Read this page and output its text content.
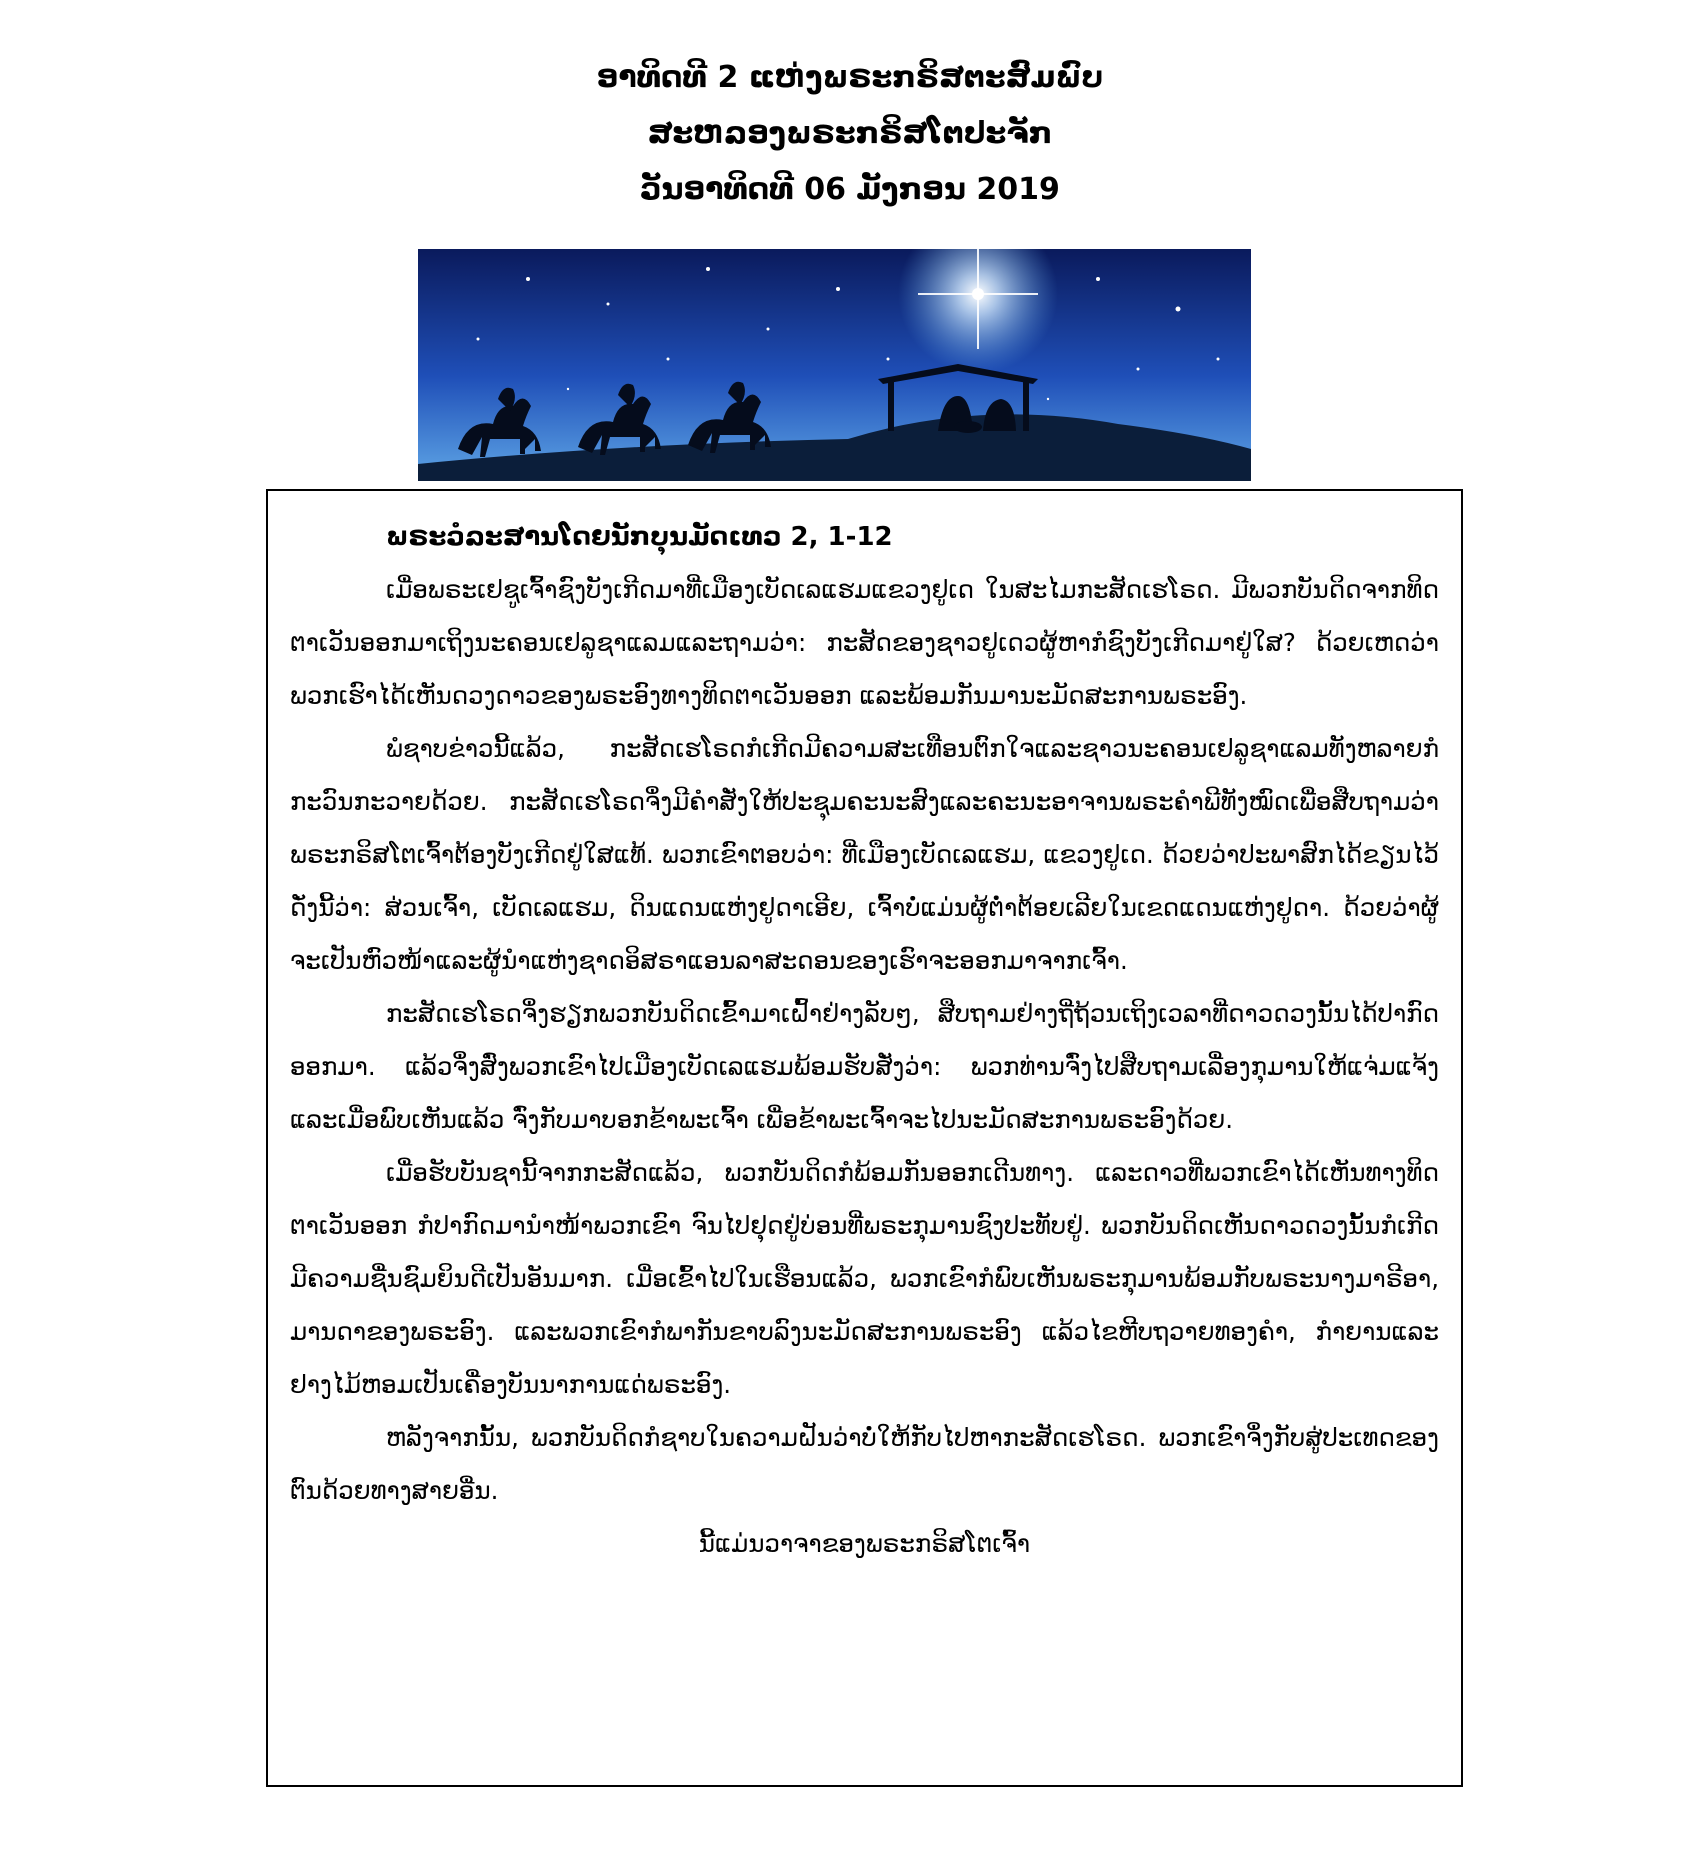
ອາທິດທີ 2 ແຫ່ງພຣະກຣິສຕະສົມພົບ
ສະຫລອງພຣະກຣິສໂຕປະຈັກ
ວັນອາທິດທີ 06 ມັງກອນ 2019
ພຣະວໍລະສານໂດຍນັກບຸນມັດເທວ 2, 1-12

ເມື່ອພຣະເຢຊູເຈົ້າຊົງບັງເກີດມາທີ່ເມືອງເບັດເລແຮມແຂວງຢູເດ ໃນສະໄມກະສັດເຮໂຣດ. ມີພວກບັນດິດຈາກທິດຕາເວັນອອກມາເຖິງນະຄອນເຢລູຊາແລມແລະຖາມວ່າ: ກະສັດຂອງຊາວຢູເດວຜູ້ຫາກໍຊົງບັງເກີດມາຢູ່ໃສ? ດ້ວຍເຫດວ່າພວກເຮົາໄດ້ເຫັນດວງດາວຂອງພຣະອົງທາງທິດຕາເວັນອອກ ແລະພ້ອມກັນມານະມັດສະການພຣະອົງ.

ພໍຊາບຂ່າວນີ້ແລ້ວ, ກະສັດເຮໂຣດກໍເກີດມີຄວາມສະເທືອນຕົກໃຈແລະຊາວນະຄອນເຢລູຊາແລມທັງຫລາຍກໍກະວົນກະວາຍດ້ວຍ. ກະສັດເຮໂຣດຈຶ່ງມີຄຳສັ່ງໃຫ້ປະຊຸມຄະນະສົງແລະຄະນະອາຈານພຣະຄຳພີທັງໝົດເພື່ອສືບຖາມວ່າ ພຣະກຣິສໂຕເຈົ້າຕ້ອງບັງເກີດຢູ່ໃສແທ້. ພວກເຂົາຕອບວ່າ: ທີ່ເມືອງເບັດເລແຮມ, ແຂວງຢູເດ. ດ້ວຍວ່າປະພາສົກໄດ້ຂຽນໄວ້ດັ່ງນີ້ວ່າ: ສ່ວນເຈົ້າ, ເບັດເລແຮມ, ດິນແດນແຫ່ງຢູດາເອີຍ, ເຈົ້າບໍ່ແມ່ນຜູ້ຕ່ຳຕ້ອຍເລີຍໃນເຂດແດນແຫ່ງຢູດາ. ດ້ວຍວ່າຜູ້ຈະເປັນຫົວໜ້າແລະຜູ້ນຳແຫ່ງຊາດອິສຣາແອນລາສະດອນຂອງເຮົາຈະອອກມາຈາກເຈົ້າ.

ກະສັດເຮໂຣດຈຶ່ງຮຽກພວກບັນດິດເຂົ້າມາເຝົ້າຢ່າງລັບໆ, ສືບຖາມຢ່າງຖີ່ຖ້ວນເຖິງເວລາທີ່ດາວດວງນັ້ນໄດ້ປາກົດອອກມາ. ແລ້ວຈຶ່ງສົ່ງພວກເຂົາໄປເມືອງເບັດເລແຮມພ້ອມຮັບສັ່ງວ່າ: ພວກທ່ານຈົ່ງໄປສືບຖາມເລື່ອງກຸມານໃຫ້ແຈ່ມແຈ້ງ ແລະເມື່ອພົບເຫັນແລ້ວ ຈົ່ງກັບມາບອກຂ້າພະເຈົ້າ ເພື່ອຂ້າພະເຈົ້າຈະໄປນະມັດສະການພຣະອົງດ້ວຍ.

ເມື່ອຮັບບັນຊານີ້ຈາກກະສັດແລ້ວ, ພວກບັນດິດກໍພ້ອມກັນອອກເດີນທາງ. ແລະດາວທີ່ພວກເຂົາໄດ້ເຫັນທາງທິດຕາເວັນອອກ ກໍປາກົດມານຳໜ້າພວກເຂົາ ຈົນໄປຢຸດຢູ່ບ່ອນທີ່ພຣະກຸມານຊົງປະທັບຢູ່. ພວກບັນດິດເຫັນດາວດວງນັ້ນກໍເກີດມີຄວາມຊື່ນຊົມຍິນດີເປັນອັນມາກ. ເມື່ອເຂົ້າໄປໃນເຮືອນແລ້ວ, ພວກເຂົາກໍພົບເຫັນພຣະກຸມານພ້ອມກັບພຣະນາງມາຣີອາ, ມານດາຂອງພຣະອົງ. ແລະພວກເຂົາກໍພາກັນຂາບລົງນະມັດສະການພຣະອົງ ແລ້ວໄຂຫີບຖວາຍທອງຄຳ, ກຳຍານແລະຢາງໄມ້ຫອມເປັນເຄື່ອງບັນນາການແດ່ພຣະອົງ.

ຫລັງຈາກນັ້ນ, ພວກບັນດິດກໍຊາບໃນຄວາມຝັນວ່າບໍ່ໃຫ້ກັບໄປຫາກະສັດເຮໂຣດ. ພວກເຂົາຈຶ່ງກັບສູ່ປະເທດຂອງຕົນດ້ວຍທາງສາຍອື່ນ.

ນີ້ແມ່ນວາຈາຂອງພຣະກຣິສໂຕເຈົ້າ
